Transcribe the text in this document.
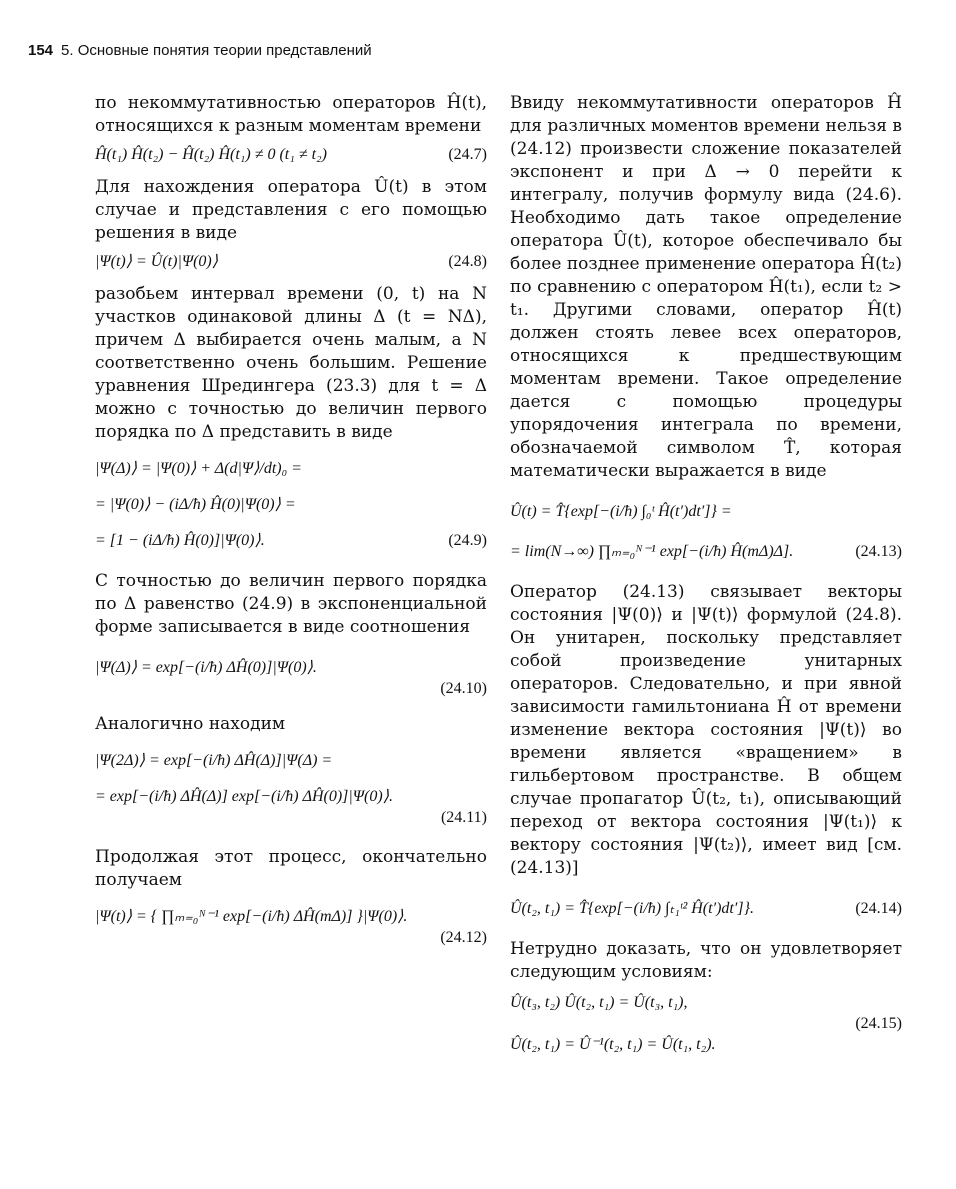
154 5. Основные понятия теории представлений

по некоммутативностью операторов Ĥ(t), относящихся к разным моментам времени

Ĥ(t₁) Ĥ(t₂) − Ĥ(t₂) Ĥ(t₁) ≠ 0 (t₁ ≠ t₂)	(24.7)

Для нахождения оператора Û(t) в этом случае и представления с его помощью решения в виде

|Ψ(t)⟩ = Û(t)|Ψ(0)⟩	(24.8)

разобьем интервал времени (0, t) на N участков одинаковой длины Δ (t = NΔ), причем Δ выбирается очень малым, а N соответственно очень большим. Решение уравнения Шредингера (23.3) для t = Δ можно с точностью до величин первого порядка по Δ представить в виде

|Ψ(Δ)⟩ = |Ψ(0)⟩ + Δ(d|Ψ⟩/dt)₀ =
= |Ψ(0)⟩ − (iΔ/ħ) Ĥ(0)|Ψ(0)⟩ =
= [1 − (iΔ/ħ) Ĥ(0)]|Ψ(0)⟩.	(24.9)

С точностью до величин первого порядка по Δ равенство (24.9) в экспоненциальной форме записывается в виде соотношения

|Ψ(Δ)⟩ = exp[−(i/ħ) ΔĤ(0)]|Ψ(0)⟩.
(24.10)

Аналогично находим

|Ψ(2Δ)⟩ = exp[−(i/ħ) ΔĤ(Δ)]|Ψ(Δ) =
= exp[−(i/ħ) ΔĤ(Δ)] exp[−(i/ħ) ΔĤ(0)]|Ψ(0)⟩.
(24.11)

Продолжая этот процесс, окончательно получаем

|Ψ(t)⟩ = { ∏ₘ₌₀ᴺ⁻¹ exp[−(i/ħ) ΔĤ(mΔ)] }|Ψ(0)⟩.
(24.12)

Ввиду некоммутативности операторов Ĥ для различных моментов времени нельзя в (24.12) произвести сложение показателей экспонент и при Δ → 0 перейти к интегралу, получив формулу вида (24.6). Необходимо дать такое определение оператора Û(t), которое обеспечивало бы более позднее применение оператора Ĥ(t₂) по сравнению с оператором Ĥ(t₁), если t₂ > t₁. Другими словами, оператор Ĥ(t) должен стоять левее всех операторов, относящихся к предшествующим моментам времени. Такое определение дается с помощью процедуры упорядочения интеграла по времени, обозначаемой символом T̂, которая математически выражается в виде

Û(t) = T̂{exp[−(i/ħ) ∫₀ᵗ Ĥ(t′)dt′]} =
= lim(N→∞) ∏ₘ₌₀ᴺ⁻¹ exp[−(i/ħ) Ĥ(mΔ)Δ].	(24.13)

Оператор (24.13) связывает векторы состояния |Ψ(0)⟩ и |Ψ(t)⟩ формулой (24.8). Он унитарен, поскольку представляет собой произведение унитарных операторов. Следовательно, и при явной зависимости гамильтониана Ĥ от времени изменение вектора состояния |Ψ(t)⟩ во времени является «вращением» в гильбертовом пространстве. В общем случае пропагатор Û(t₂, t₁), описывающий переход от вектора состояния |Ψ(t₁)⟩ к вектору состояния |Ψ(t₂)⟩, имеет вид [см. (24.13)]

Û(t₂, t₁) = T̂{exp[−(i/ħ) ∫ₜ₁ᵗ² Ĥ(t′)dt′]}.	(24.14)

Нетрудно доказать, что он удовлетворяет следующим условиям:

Û(t₃, t₂) Û(t₂, t₁) = Û(t₃, t₁),
(24.15)
Û(t₂, t₁) = Û⁻¹(t₂, t₁) = Û(t₁, t₂).
